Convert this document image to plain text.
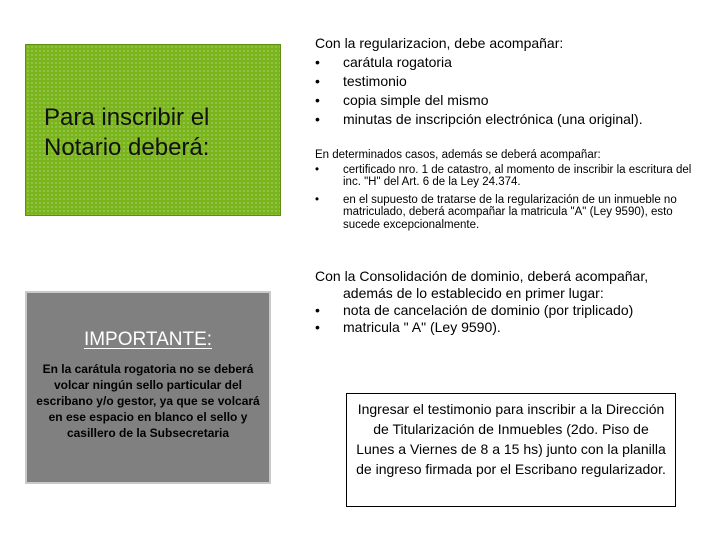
Para inscribir el Notario deberá:
IMPORTANTE:
En la carátula rogatoria no se deberá volcar ningún sello particular del escribano y/o gestor, ya que se volcará en ese espacio en blanco el sello y casillero de la Subsecretaria

Con la regularizacion, debe acompañar:

• carátula rogatoria
• testimonio
• copia simple del mismo
• minutas de inscripción electrónica (una original).

En determinados casos, además se deberá acompañar:

• certificado nro. 1 de catastro, al momento de inscribir la escritura del inc. "H" del Art. 6 de la Ley 24.374.
• en el supuesto de tratarse de la regularización de un inmueble no matriculado, deberá acompañar la matricula "A" (Ley 9590), esto sucede excepcionalmente.

Con la Consolidación de dominio, deberá acompañar, además de lo establecido en primer lugar:

• nota de cancelación de dominio (por triplicado)
• matricula " A" (Ley 9590).
Ingresar el testimonio para inscribir a la Dirección de Titularización de Inmuebles (2do. Piso de Lunes a Viernes de 8 a 15 hs) junto con la planilla de ingreso firmada por el Escribano regularizador.
